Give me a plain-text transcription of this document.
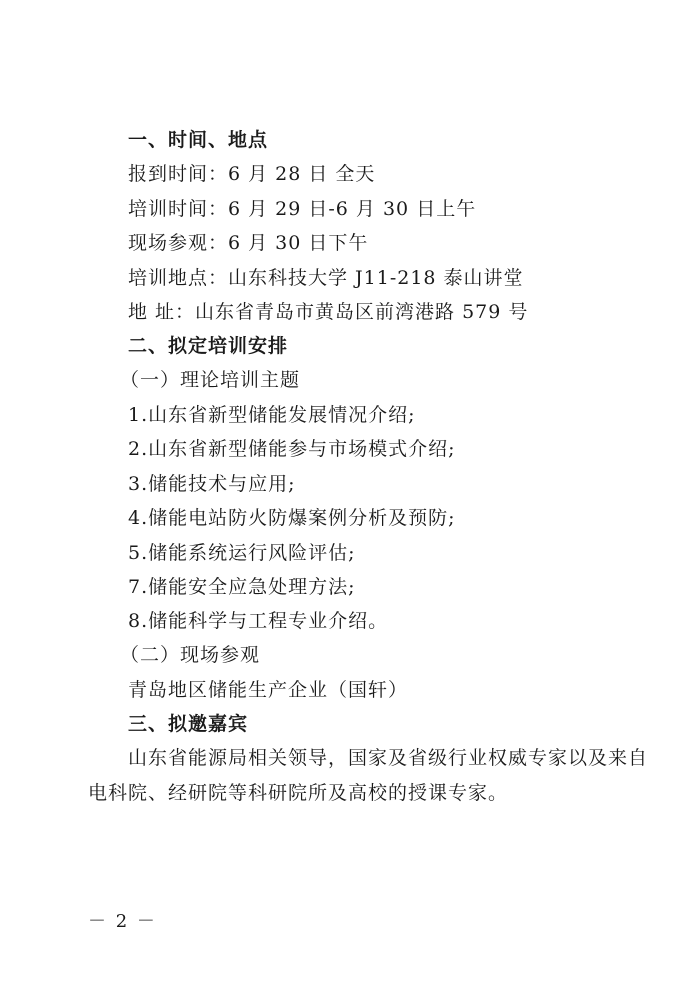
一、时间、地点
报到时间：6 月 28 日 全天
培训时间：6 月 29 日-6 月 30 日上午
现场参观：6 月 30 日下午
培训地点：山东科技大学 J11-218 泰山讲堂
地 址：山东省青岛市黄岛区前湾港路 579 号
二、拟定培训安排
（一）理论培训主题
1.山东省新型储能发展情况介绍;
2.山东省新型储能参与市场模式介绍;
3.储能技术与应用;
4.储能电站防火防爆案例分析及预防;
5.储能系统运行风险评估;
7.储能安全应急处理方法;
8.储能科学与工程专业介绍。
（二）现场参观
青岛地区储能生产企业（国轩）
三、拟邀嘉宾
山东省能源局相关领导，国家及省级行业权威专家以及来自
电科院、经研院等科研院所及高校的授课专家。
－ 2 －
